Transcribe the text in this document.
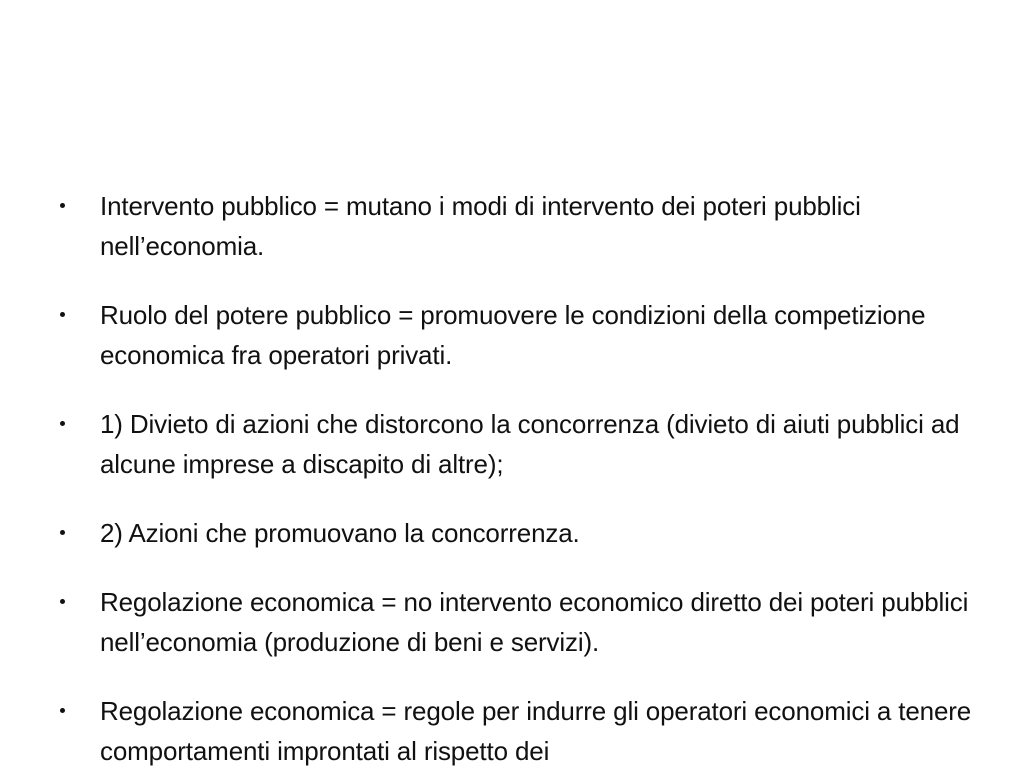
Intervento pubblico = mutano i modi di intervento dei poteri pubblici nell’economia.
Ruolo del potere pubblico = promuovere le condizioni della competizione economica fra operatori privati.
1) Divieto di azioni che distorcono la concorrenza (divieto di aiuti pubblici ad alcune imprese a discapito di altre);
2) Azioni che promuovano la concorrenza.
Regolazione economica = no intervento economico diretto dei poteri pubblici nell’economia (produzione di beni e servizi).
Regolazione economica = regole per indurre gli operatori economici a tenere comportamenti improntati al rispetto dei
